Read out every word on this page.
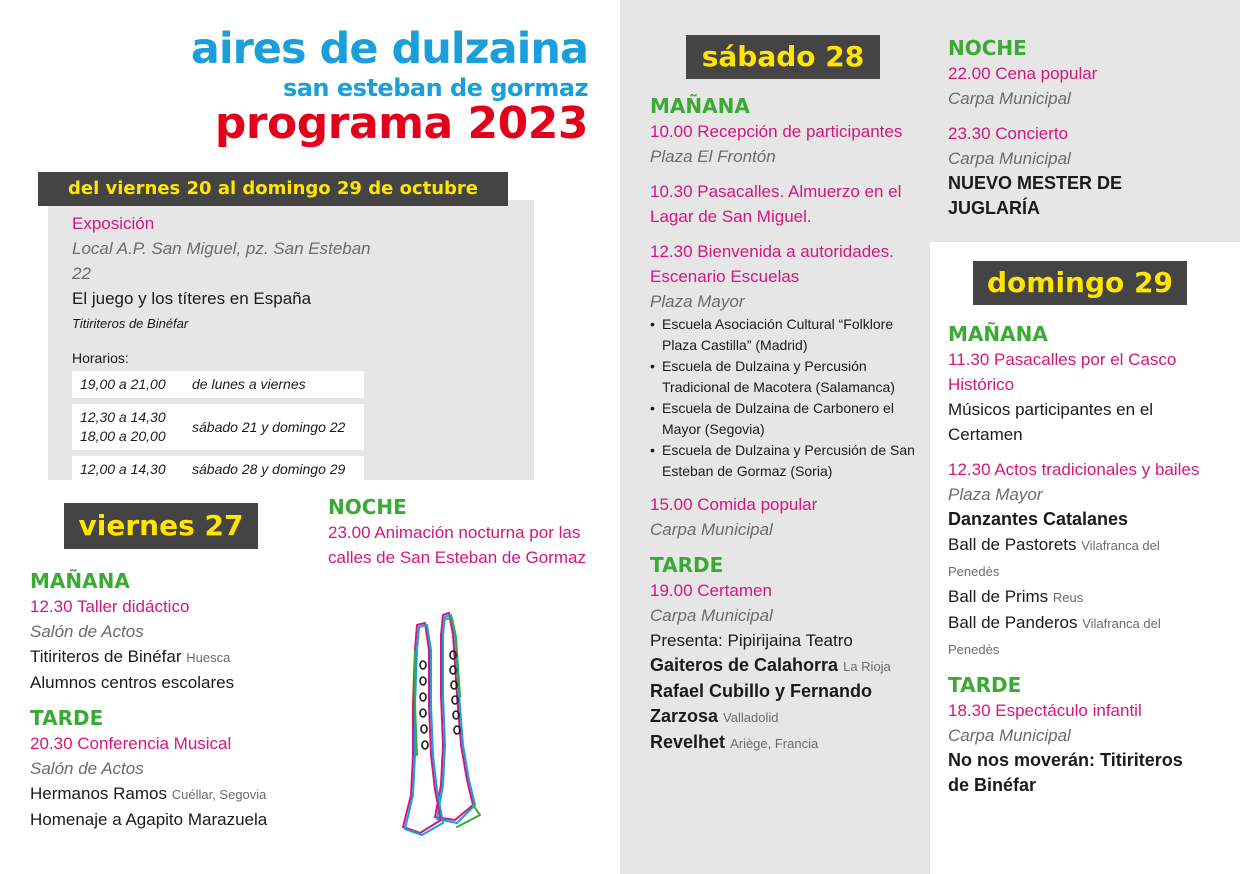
aires de dulzaina
san esteban de gormaz
programa 2023
del viernes 20 al domingo 29 de octubre
Exposición
Local A.P. San Miguel, pz. San Esteban 22
El juego y los títeres en España
Titiriteros de Binéfar
Horarios:
19,00 a 21,00	de lunes a viernes
12,30 a 14,30
18,00 a 20,00
sábado 21 y domingo 22
12,00 a 14,30	sábado 28 y domingo 29
viernes 27
MAÑANA
12.30 Taller didáctico
Salón de Actos
Titiriteros de Binéfar Huesca
Alumnos centros escolares
TARDE
20.30 Conferencia Musical
Salón de Actos
Hermanos Ramos Cuéllar, Segovia
Homenaje a Agapito Marazuela
NOCHE
23.00 Animación nocturna por las calles de San Esteban de Gormaz
sábado 28
MAÑANA
10.00 Recepción de participantes
Plaza El Frontón
10.30 Pasacalles. Almuerzo en el Lagar de San Miguel.
12.30 Bienvenida a autoridades. Escenario Escuelas
Plaza Mayor
• Escuela Asociación Cultural “Folklore Plaza Castilla” (Madrid)
• Escuela de Dulzaina y Percusión Tradicional de Macotera (Salamanca)
• Escuela de Dulzaina de Carbonero el Mayor (Segovia)
• Escuela de Dulzaina y Percusión de San Esteban de Gormaz (Soria)
15.00 Comida popular
Carpa Municipal
TARDE
19.00 Certamen
Carpa Municipal
Presenta: Pipirijaina Teatro
Gaiteros de Calahorra La Rioja
Rafael Cubillo y Fernando Zarzosa Valladolid
Revelhet Ariège, Francia
NOCHE
22.00 Cena popular
Carpa Municipal
23.30 Concierto
Carpa Municipal
NUEVO MESTER DE JUGLARÍA
domingo 29
MAÑANA
11.30 Pasacalles por el Casco Histórico
Músicos participantes en el Certamen
12.30 Actos tradicionales y bailes
Plaza Mayor
Danzantes Catalanes
Ball de Pastorets Vilafranca del Penedès
Ball de Prims Reus
Ball de Panderos Vilafranca del Penedès
TARDE
18.30 Espectáculo infantil
Carpa Municipal
No nos moverán: Titiriteros de Binéfar
